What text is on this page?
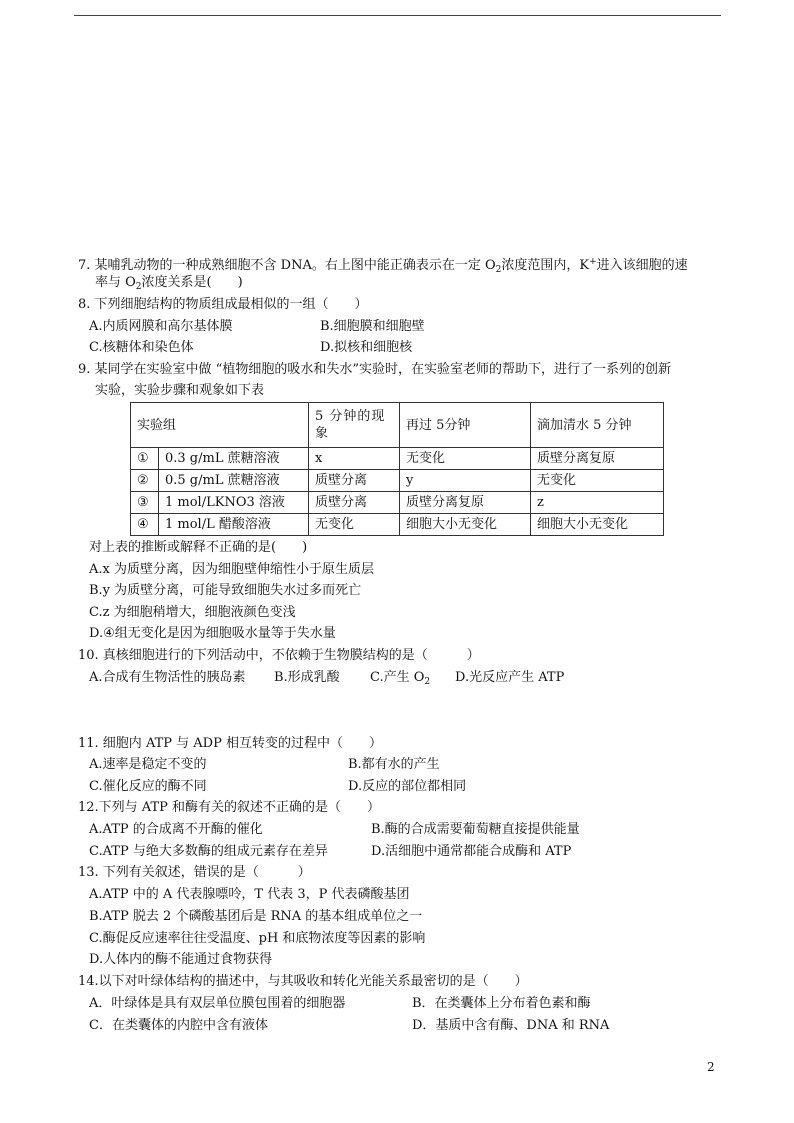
7. 某哺乳动物的一种成熟细胞不含 DNA。右上图中能正确表示在一定 $O_2$浓度范围内，K+进入该细胞的速
率与 $O_2$浓度关系是(　　)
8. 下列细胞结构的物质组成最相似的一组（　　）
A.内质网膜和高尔基体膜	B.细胞膜和细胞壁
C.核糖体和染色体	D.拟核和细胞核
9. 某同学在实验室中做 “植物细胞的吸水和失水”实验时，在实验室老师的帮助下，进行了一系列的创新
实验，实验步骤和观象如下表
实验组		5 分钟的现象	再过 5分钟	滴加清水 5 分钟
①	0.3 g/mL 蔗糖溶液	x	无变化	质壁分离复原
②	0.5 g/mL 蔗糖溶液	质壁分离	y	无变化
③	1 mol/LKNO3 溶液	质壁分离	质壁分离复原	z
④	1 mol/L 醋酸溶液	无变化	细胞大小无变化	细胞大小无变化
对上表的推断或解释不正确的是(　　)
A.x 为质壁分离，因为细胞壁伸缩性小于原生质层
B.y 为质壁分离，可能导致细胞失水过多而死亡
C.z 为细胞稍增大，细胞液颜色变浅
D.④组无变化是因为细胞吸水量等于失水量
10. 真核细胞进行的下列活动中，不依赖于生物膜结构的是（　　　）
A.合成有生物活性的胰岛素 B.形成乳酸 C.产生 $O_2$ D.光反应产生 ATP
11. 细胞内 ATP 与 ADP 相互转变的过程中（　　）
A.速率是稳定不变的	B.都有水的产生
C.催化反应的酶不同	D.反应的部位都相同
12.下列与 ATP 和酶有关的叙述不正确的是（　　）
A.ATP 的合成离不开酶的催化	B.酶的合成需要葡萄糖直接提供能量
C.ATP 与绝大多数酶的组成元素存在差异	D.活细胞中通常都能合成酶和 ATP
13. 下列有关叙述，错误的是（　　　）
A.ATP 中的 A 代表腺嘌呤，T 代表 3，P 代表磷酸基团
B.ATP 脱去 2 个磷酸基团后是 RNA 的基本组成单位之一
C.酶促反应速率往往受温度、pH 和底物浓度等因素的影响
D.人体内的酶不能通过食物获得
14.以下对叶绿体结构的描述中，与其吸收和转化光能关系最密切的是（　　）
A．叶绿体是具有双层单位膜包围着的细胞器	B．在类囊体上分布着色素和酶
C．在类囊体的内腔中含有液体	D．基质中含有酶、DNA 和 RNA
2
